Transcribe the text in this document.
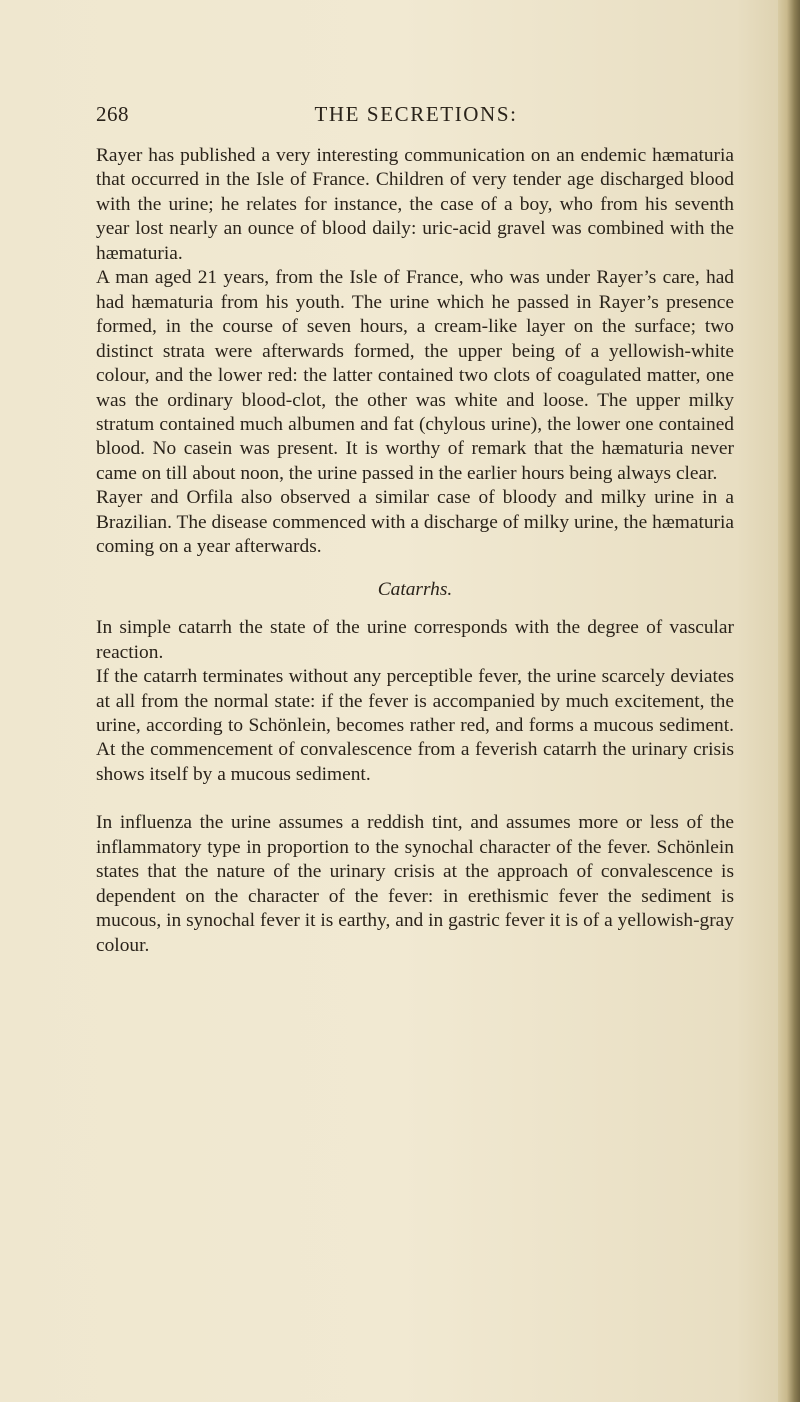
268	THE SECRETIONS:

Rayer has published a very interesting communication on an endemic hæmaturia that occurred in the Isle of France. Children of very tender age discharged blood with the urine; he relates for instance, the case of a boy, who from his seventh year lost nearly an ounce of blood daily: uric-acid gravel was combined with the hæmaturia.

A man aged 21 years, from the Isle of France, who was under Rayer’s care, had had hæmaturia from his youth. The urine which he passed in Rayer’s presence formed, in the course of seven hours, a cream-like layer on the surface; two distinct strata were afterwards formed, the upper being of a yellowish-white colour, and the lower red: the latter contained two clots of coagulated matter, one was the ordinary blood-clot, the other was white and loose. The upper milky stratum contained much albumen and fat (chylous urine), the lower one contained blood. No casein was present. It is worthy of remark that the hæmaturia never came on till about noon, the urine passed in the earlier hours being always clear.

Rayer and Orfila also observed a similar case of bloody and milky urine in a Brazilian. The disease commenced with a discharge of milky urine, the hæmaturia coming on a year afterwards.

Catarrhs.

In simple catarrh the state of the urine corresponds with the degree of vascular reaction.

If the catarrh terminates without any perceptible fever, the urine scarcely deviates at all from the normal state: if the fever is accompanied by much excitement, the urine, according to Schönlein, becomes rather red, and forms a mucous sediment. At the commencement of convalescence from a feverish catarrh the urinary crisis shows itself by a mucous sediment.

In influenza the urine assumes a reddish tint, and assumes more or less of the inflammatory type in proportion to the synochal character of the fever. Schönlein states that the nature of the urinary crisis at the approach of convalescence is dependent on the character of the fever: in erethismic fever the sediment is mucous, in synochal fever it is earthy, and in gastric fever it is of a yellowish-gray colour.
